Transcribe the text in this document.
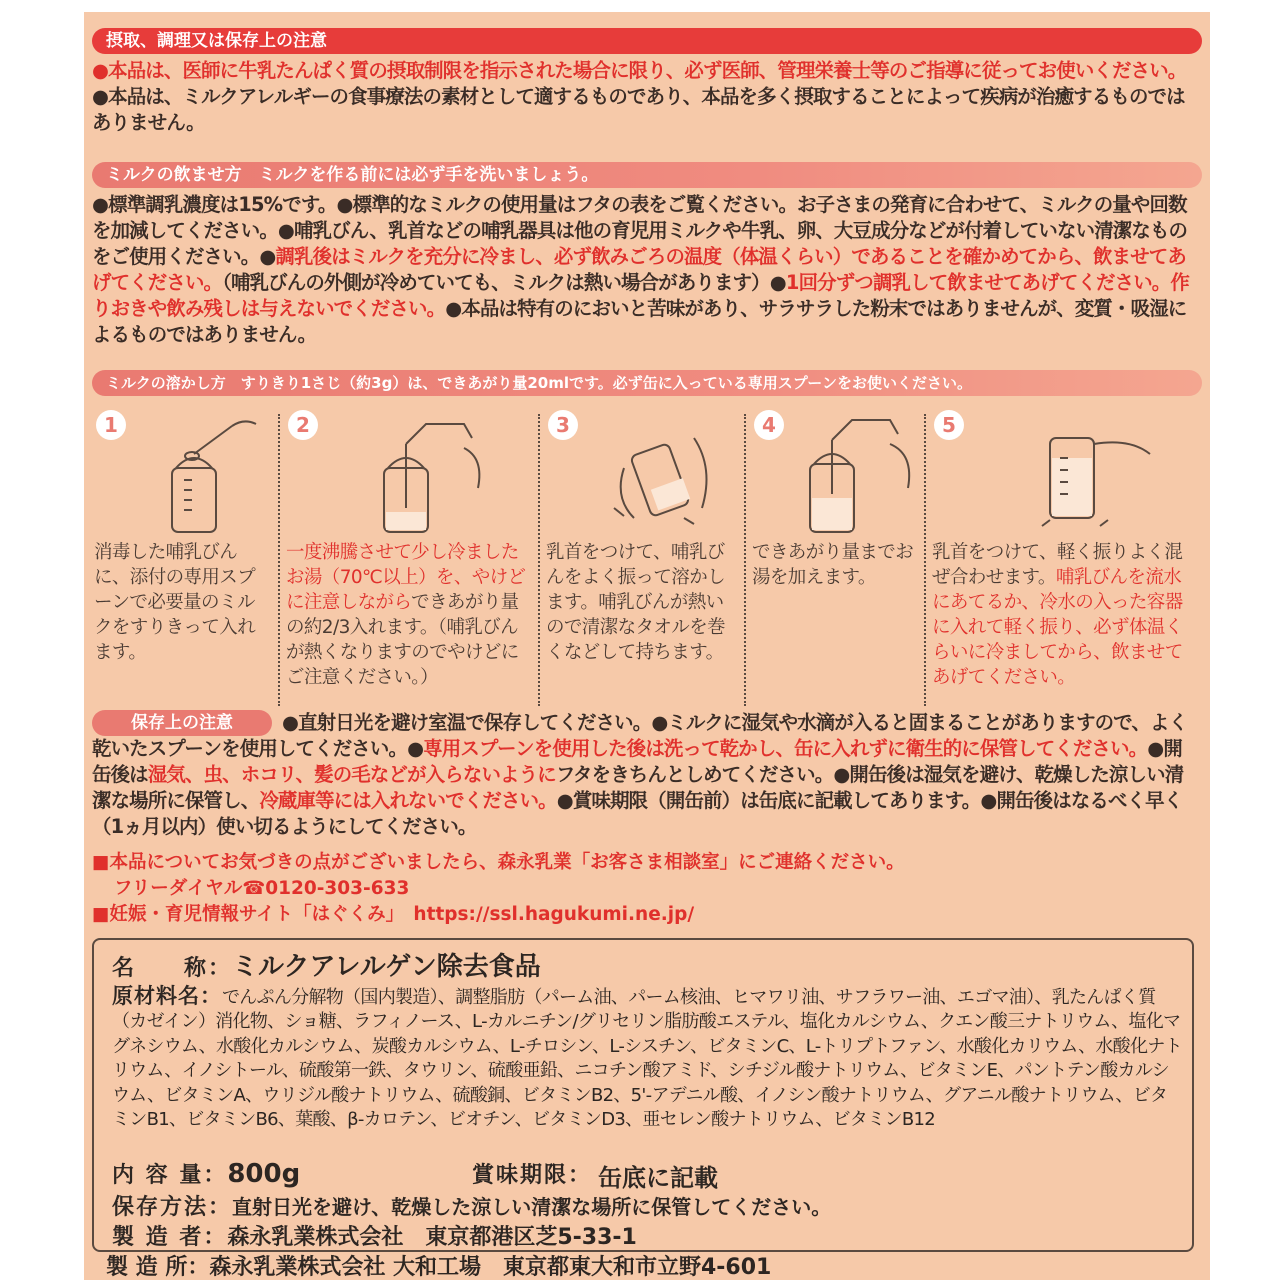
摂取、調理又は保存上の注意
●本品は、医師に牛乳たんぱく質の摂取制限を指示された場合に限り、必ず医師、管理栄養士等のご指導に従ってお使いください。●本品は、ミルクアレルギーの食事療法の素材として適するものであり、本品を多く摂取することによって疾病が治癒するものではありません。
ミルクの飲ませ方　ミルクを作る前には必ず手を洗いましょう。
●標準調乳濃度は15%です。●標準的なミルクの使用量はフタの表をご覧ください。お子さまの発育に合わせて、ミルクの量や回数を加減してください。●哺乳びん、乳首などの哺乳器具は他の育児用ミルクや牛乳、卵、大豆成分などが付着していない清潔なものをご使用ください。●調乳後はミルクを充分に冷まし、必ず飲みごろの温度（体温くらい）であることを確かめてから、飲ませてあげてください。（哺乳びんの外側が冷めていても、ミルクは熱い場合があります）●1回分ずつ調乳して飲ませてあげてください。作りおきや飲み残しは与えないでください。●本品は特有のにおいと苦味があり、サラサラした粉末ではありませんが、変質・吸湿によるものではありません。
ミルクの溶かし方　すりきり1さじ（約3g）は、できあがり量20mlです。必ず缶に入っている専用スプーンをお使いください。
1
消毒した哺乳びんに、添付の専用スプーンで必要量のミルクをすりきって入れます。
2
一度沸騰させて少し冷ましたお湯（70℃以上）を、やけどに注意しながらできあがり量の約2/3入れます。（哺乳びんが熱くなりますのでやけどにご注意ください。）
3
乳首をつけて、哺乳びんをよく振って溶かします。哺乳びんが熱いので清潔なタオルを巻くなどして持ちます。
4
できあがり量までお湯を加えます。
5
乳首をつけて、軽く振りよく混ぜ合わせます。哺乳びんを流水にあてるか、冷水の入った容器に入れて軽く振り、必ず体温くらいに冷ましてから、飲ませてあげてください。
保存上の注意	●直射日光を避け室温で保存してください。●ミルクに湿気や水滴が入ると固まることがありますので、よく乾いたスプーンを使用してください。●専用スプーンを使用した後は洗って乾かし、缶に入れずに衛生的に保管してください。●開缶後は湿気、虫、ホコリ、髪の毛などが入らないようにフタをきちんとしめてください。●開缶後は湿気を避け、乾燥した涼しい清潔な場所に保管し、冷蔵庫等には入れないでください。●賞味期限（開缶前）は缶底に記載してあります。●開缶後はなるべく早く（1ヵ月以内）使い切るようにしてください。
■本品についてお気づきの点がございましたら、森永乳業「お客さま相談室」にご連絡ください。
フリーダイヤル☎0120-303-633
■妊娠・育児情報サイト「はぐくみ」　https://ssl.hagukumi.ne.jp/
名　　称：ミルクアレルゲン除去食品
原材料名：でんぷん分解物（国内製造）、調整脂肪（パーム油、パーム核油、ヒマワリ油、サフラワー油、エゴマ油）、乳たんぱく質（カゼイン）消化物、ショ糖、ラフィノース、L-カルニチン/グリセリン脂肪酸エステル、塩化カルシウム、クエン酸三ナトリウム、塩化マグネシウム、水酸化カルシウム、炭酸カルシウム、L-チロシン、L-シスチン、ビタミンC、L-トリプトファン、水酸化カリウム、水酸化ナトリウム、イノシトール、硫酸第一鉄、タウリン、硫酸亜鉛、ニコチン酸アミド、シチジル酸ナトリウム、ビタミンE、パントテン酸カルシウム、ビタミンA、ウリジル酸ナトリウム、硫酸銅、ビタミンB2、5'-アデニル酸、イノシン酸ナトリウム、グアニル酸ナトリウム、ビタミンB1、ビタミンB6、葉酸、β-カロテン、ビオチン、ビタミンD3、亜セレン酸ナトリウム、ビタミンB12
内 容 量：800g	賞味期限： 缶底に記載
保存方法：直射日光を避け、乾燥した涼しい清潔な場所に保管してください。
製 造 者：森永乳業株式会社　東京都港区芝5-33-1
製 造 所：森永乳業株式会社 大和工場　東京都東大和市立野4-601
